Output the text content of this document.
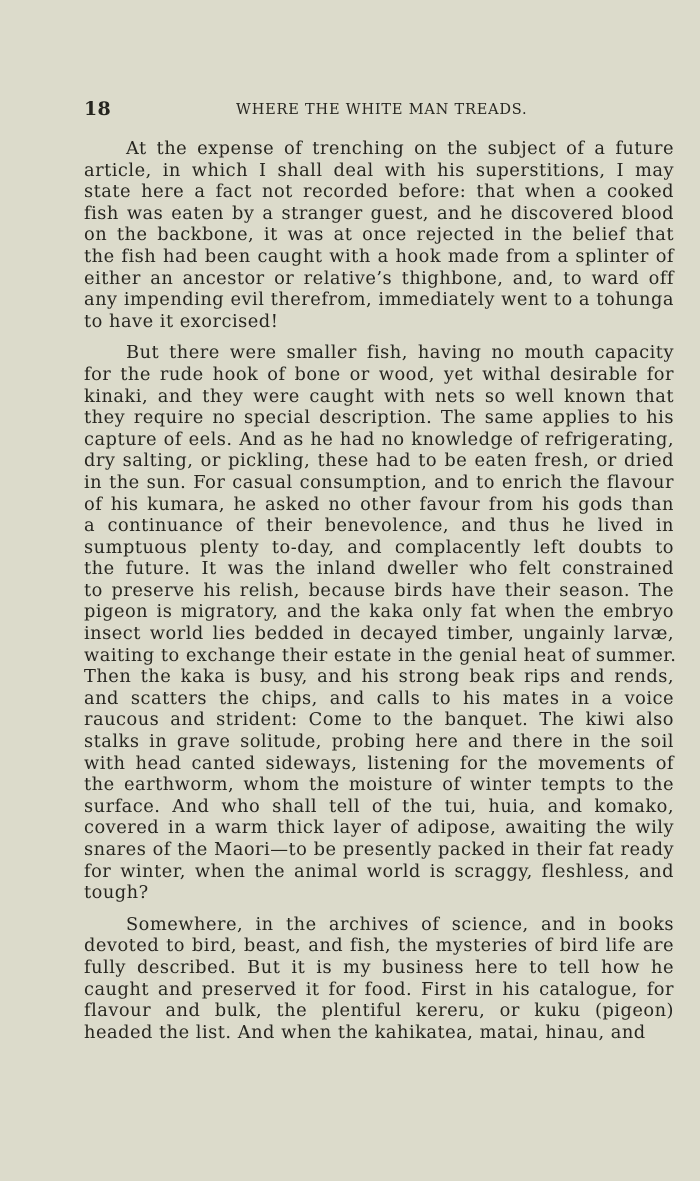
18	WHERE THE WHITE MAN TREADS.
At the expense of trenching on the subject of a future
article, in which I shall deal with his superstitions, I may
state here a fact not recorded before: that when a cooked
fish was eaten by a stranger guest, and he discovered blood
on the backbone, it was at once rejected in the belief that
the fish had been caught with a hook made from a splinter of
either an ancestor or relative’s thighbone, and, to ward off
any impending evil therefrom, immediately went to a tohunga
to have it exorcised!
But there were smaller fish, having no mouth capacity
for the rude hook of bone or wood, yet withal desirable for
kinaki, and they were caught with nets so well known that
they require no special description. The same applies to his
capture of eels. And as he had no knowledge of refrigerating,
dry salting, or pickling, these had to be eaten fresh, or dried
in the sun. For casual consumption, and to enrich the flavour
of his kumara, he asked no other favour from his gods than
a continuance of their benevolence, and thus he lived in
sumptuous plenty to-day, and complacently left doubts to
the future. It was the inland dweller who felt constrained
to preserve his relish, because birds have their season. The
pigeon is migratory, and the kaka only fat when the embryo
insect world lies bedded in decayed timber, ungainly larvæ,
waiting to exchange their estate in the genial heat of summer.
Then the kaka is busy, and his strong beak rips and rends,
and scatters the chips, and calls to his mates in a voice
raucous and strident: Come to the banquet. The kiwi also
stalks in grave solitude, probing here and there in the soil
with head canted sideways, listening for the movements of
the earthworm, whom the moisture of winter tempts to the
surface. And who shall tell of the tui, huia, and komako,
covered in a warm thick layer of adipose, awaiting the wily
snares of the Maori—to be presently packed in their fat ready
for winter, when the animal world is scraggy, fleshless, and
tough?
Somewhere, in the archives of science, and in books
devoted to bird, beast, and fish, the mysteries of bird life are
fully described. But it is my business here to tell how he
caught and preserved it for food. First in his catalogue, for
flavour and bulk, the plentiful kereru, or kuku (pigeon)
headed the list. And when the kahikatea, matai, hinau, and
